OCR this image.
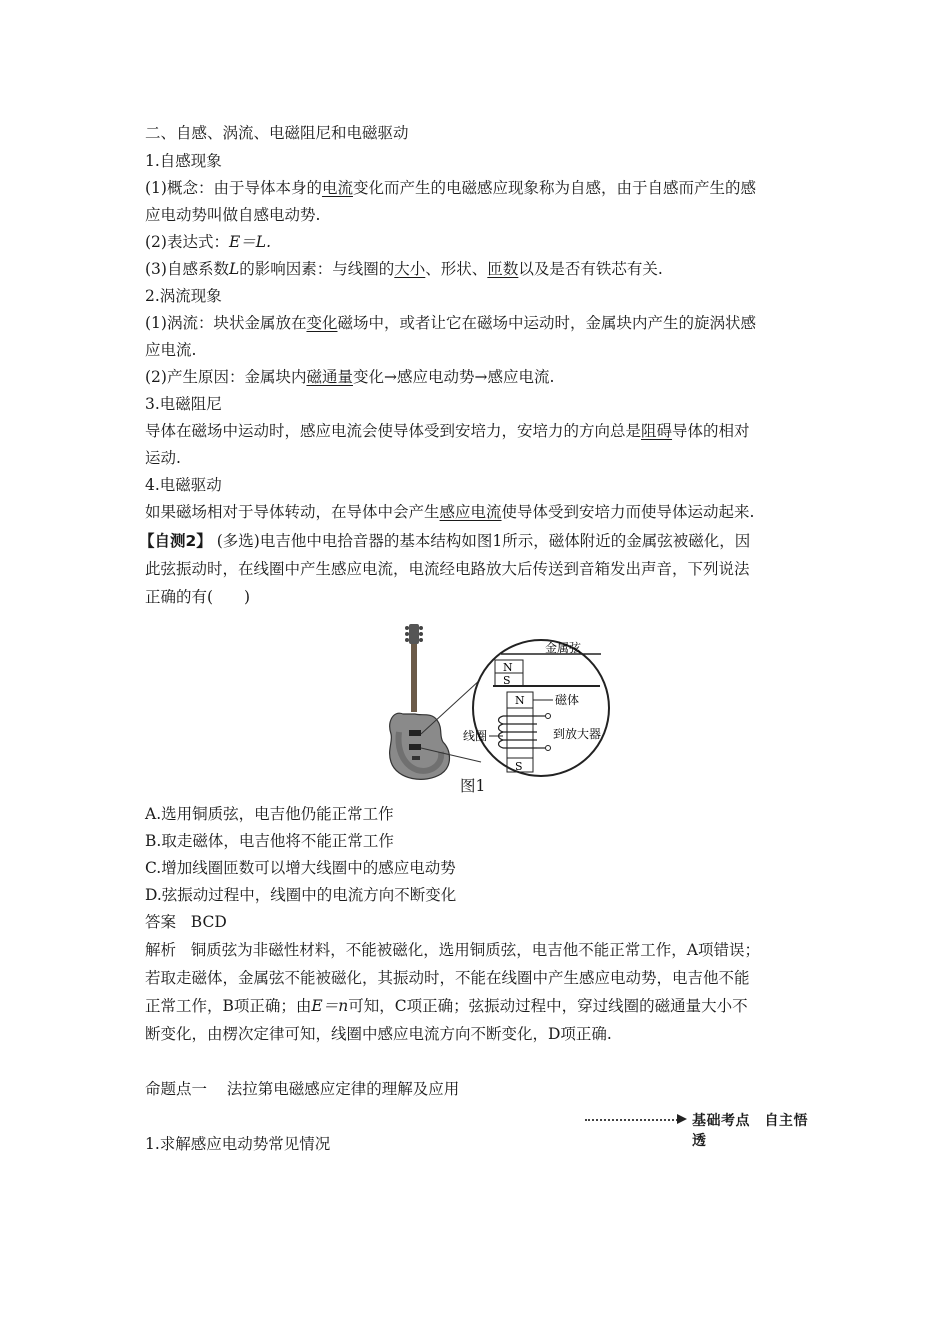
二、自感、涡流、电磁阻尼和电磁驱动
1.自感现象
(1)概念：由于导体本身的电流变化而产生的电磁感应现象称为自感，由于自感而产生的感
应电动势叫做自感电动势.
(2)表达式：E＝L.
(3)自感系数L的影响因素：与线圈的大小、形状、匝数以及是否有铁芯有关.
2.涡流现象
(1)涡流：块状金属放在变化磁场中，或者让它在磁场中运动时，金属块内产生的旋涡状感
应电流.
(2)产生原因：金属块内磁通量变化→感应电动势→感应电流.
3.电磁阻尼
导体在磁场中运动时，感应电流会使导体受到安培力，安培力的方向总是阻碍导体的相对
运动.
4.电磁驱动
如果磁场相对于导体转动，在导体中会产生感应电流使导体受到安培力而使导体运动起来.
【自测2】 (多选)电吉他中电拾音器的基本结构如图1所示，磁体附近的金属弦被磁化，因
此弦振动时，在线圈中产生感应电流，电流经电路放大后传送到音箱发出声音，下列说法
正确的有(　　)
N
S
金属弦
磁体
N
S
线圈	到放大器
图1
A.选用铜质弦，电吉他仍能正常工作
B.取走磁体，电吉他将不能正常工作
C.增加线圈匝数可以增大线圈中的感应电动势
D.弦振动过程中，线圈中的电流方向不断变化
答案 BCD
解析 铜质弦为非磁性材料，不能被磁化，选用铜质弦，电吉他不能正常工作，A项错误；
若取走磁体，金属弦不能被磁化，其振动时，不能在线圈中产生感应电动势，电吉他不能
正常工作，B项正确；由E＝n可知，C项正确；弦振动过程中，穿过线圈的磁通量大小不
断变化，由楞次定律可知，线圈中感应电流方向不断变化，D项正确.
命题点一 法拉第电磁感应定律的理解及应用
基础考点　自主悟透
1.求解感应电动势常见情况
